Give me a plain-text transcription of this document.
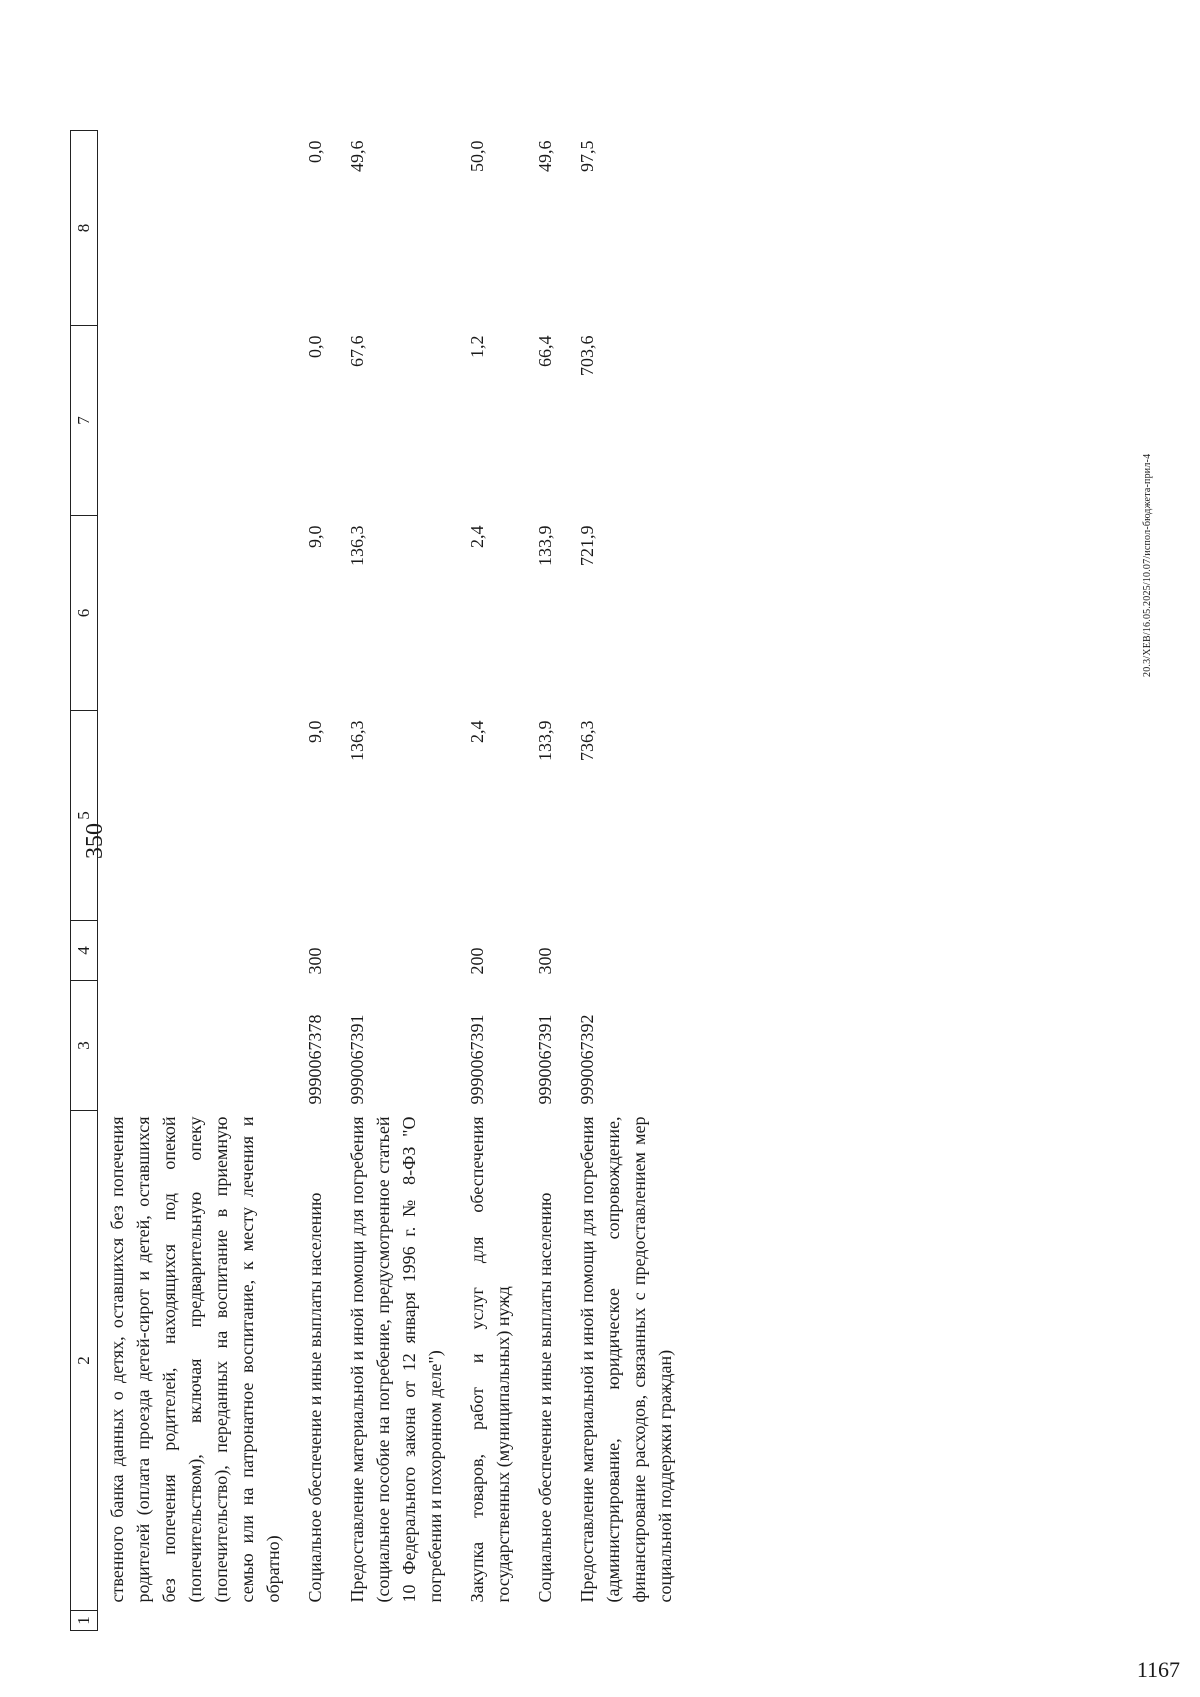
350
1	2	3	4	5	6	7	8
	ственного банка данных о детях, оставшихся без попечения родителей (оплата проезда детей-сирот и детей, оставшихся без попечения родителей, находящихся под опекой (попечительством), включая предварительную опеку (попечительство), переданных на воспитание в приемную семью или на патронатное воспитание, к месту лечения и обратно)						
	Социальное обеспечение и иные выплаты населению	9990067378	300	9,0	9,0	0,0	0,0
	Предоставление материальной и иной помощи для погребения (социальное пособие на погребение, предусмотренное статьей 10 Федерального закона от 12 января 1996 г. № 8-ФЗ "О погребении и похоронном деле")	9990067391		136,3	136,3	67,6	49,6
	Закупка товаров, работ и услуг для обеспечения государственных (муниципальных) нужд	9990067391	200	2,4	2,4	1,2	50,0
	Социальное обеспечение и иные выплаты населению	9990067391	300	133,9	133,9	66,4	49,6
	Предоставление материальной и иной помощи для погребения (администрирование, юридическое сопровождение, финансирование расходов, связанных с предоставлением мер социальной поддержки граждан)	9990067392		736,3	721,9	703,6	97,5
20.3/XEB/16.05.2025/10.07/испол-бюджета-прил-4
1167
